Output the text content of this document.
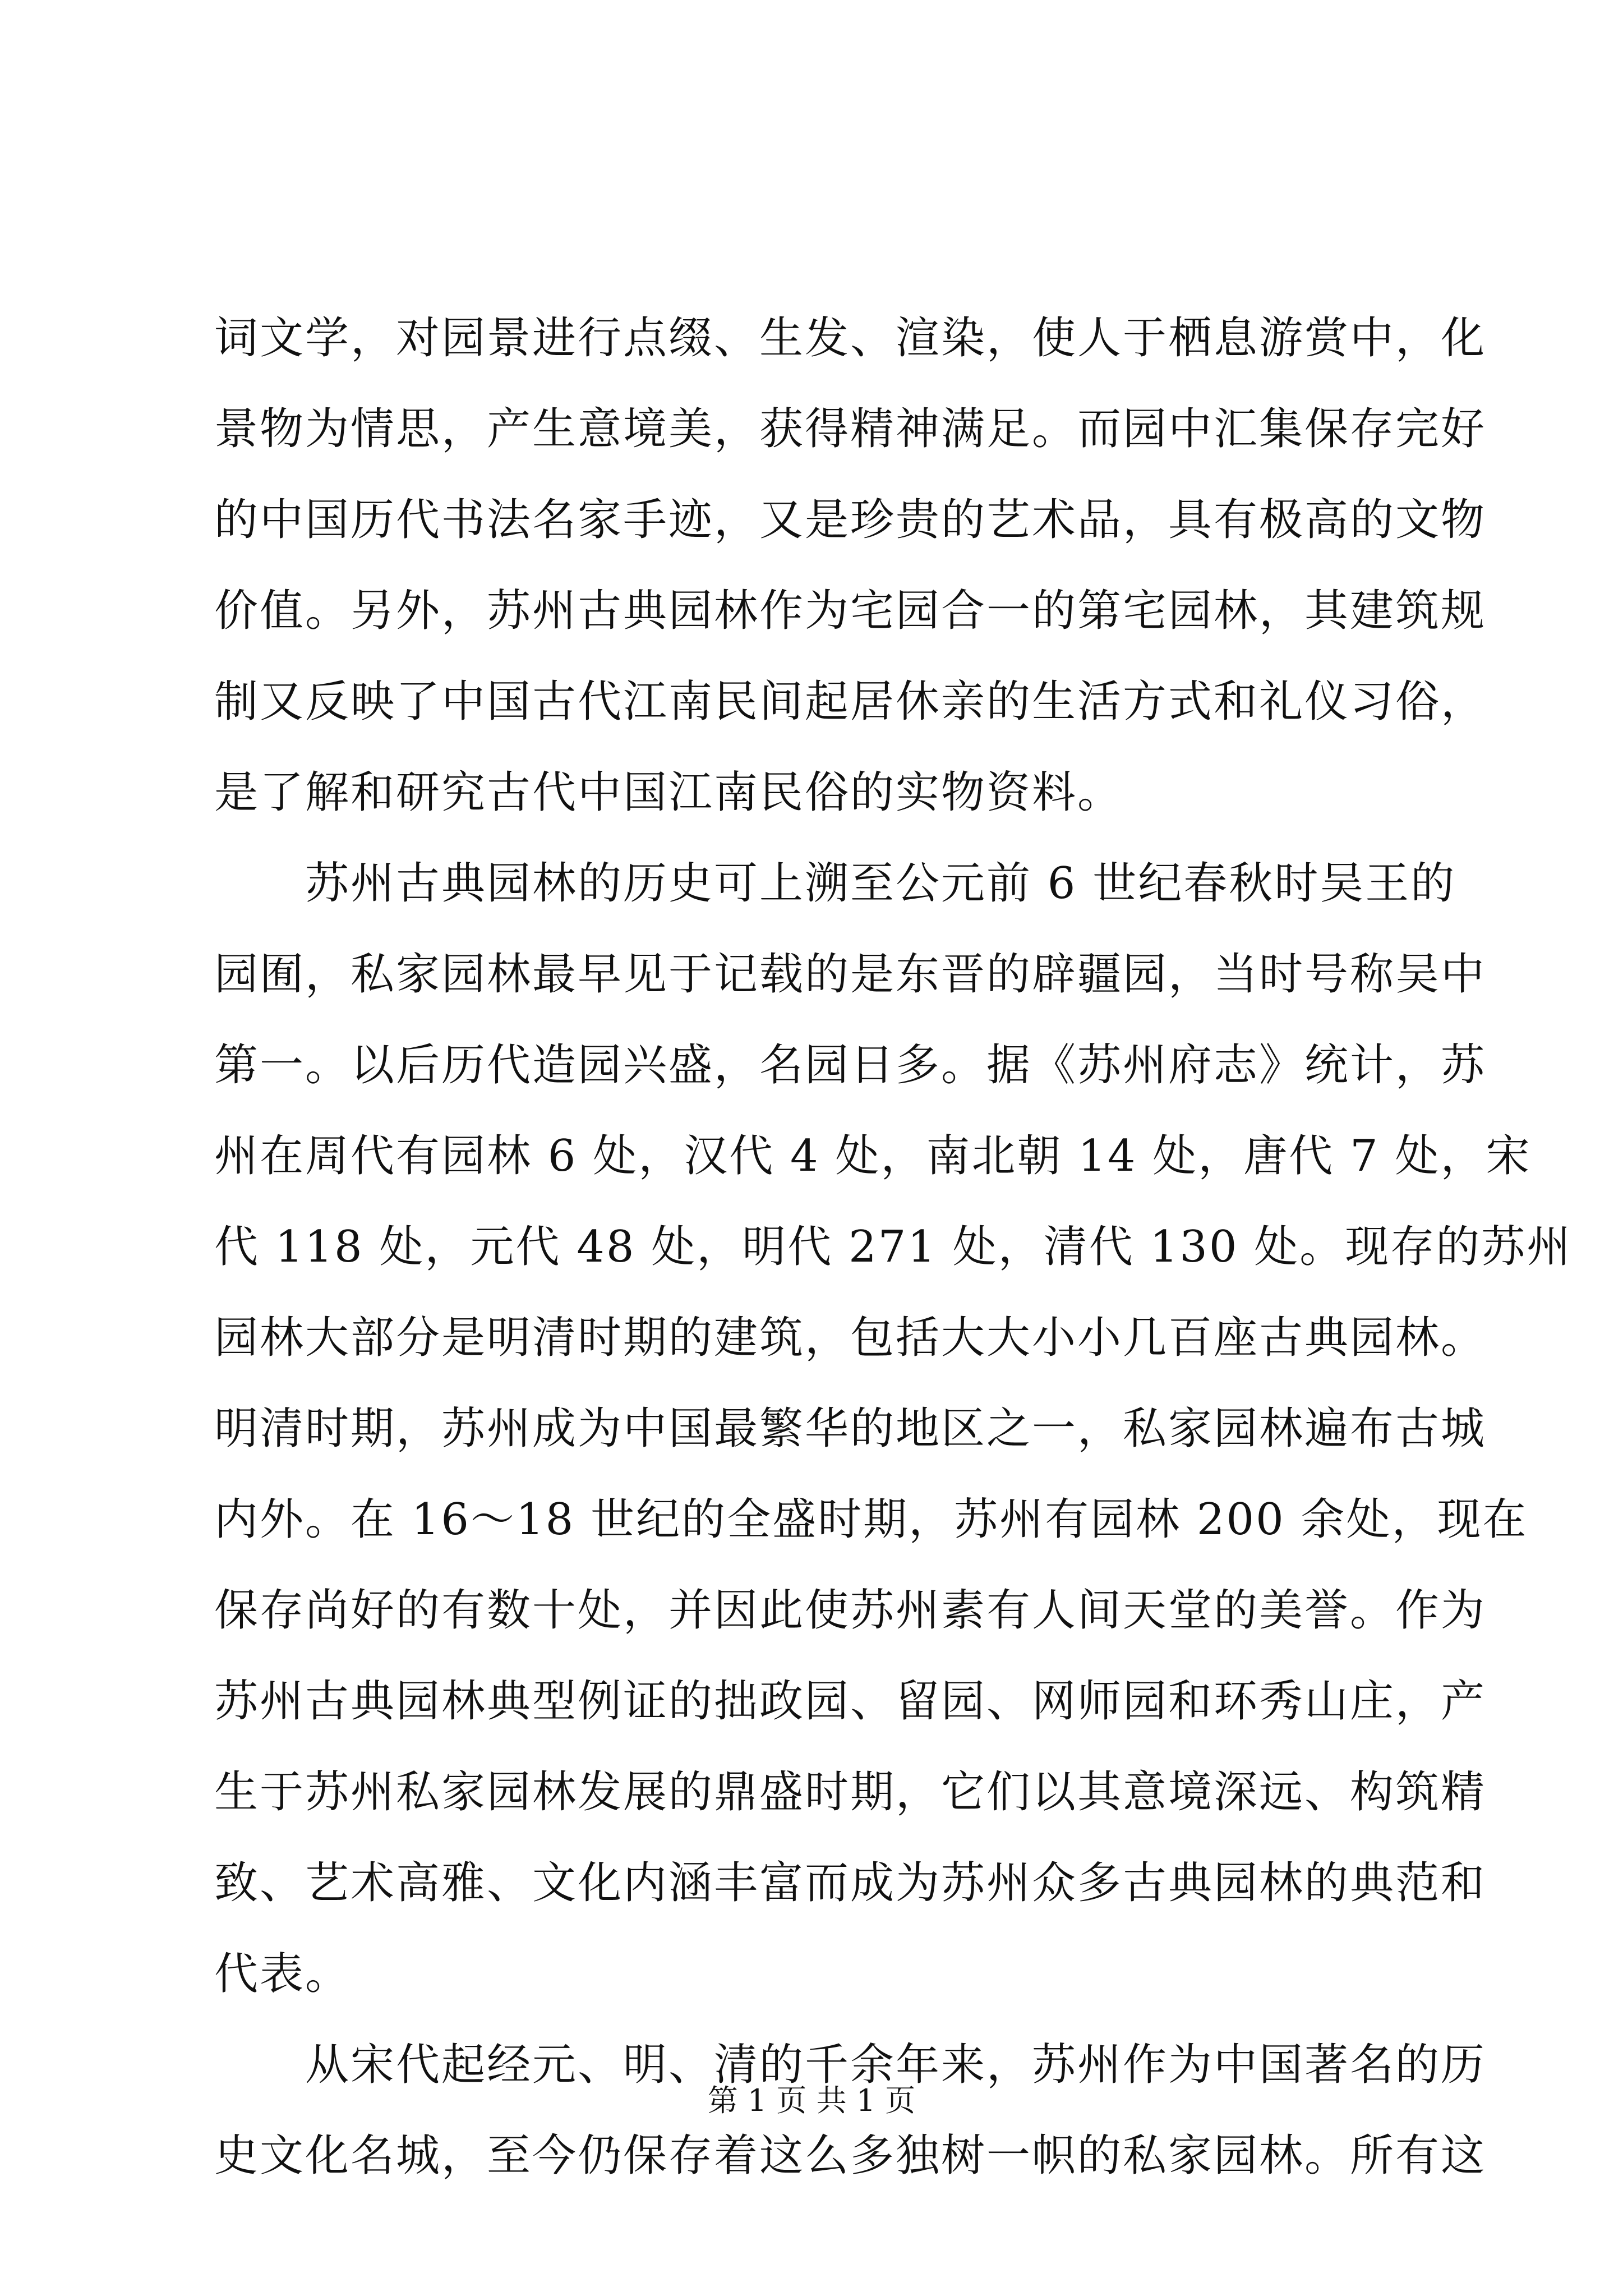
词文学，对园景进行点缀、生发、渲染，使人于栖息游赏中，化
景物为情思，产生意境美，获得精神满足。而园中汇集保存完好
的中国历代书法名家手迹，又是珍贵的艺术品，具有极高的文物
价值。另外，苏州古典园林作为宅园合一的第宅园林，其建筑规
制又反映了中国古代江南民间起居休亲的生活方式和礼仪习俗，
是了解和研究古代中国江南民俗的实物资料。
苏州古典园林的历史可上溯至公元前 6 世纪春秋时吴王的
园囿，私家园林最早见于记载的是东晋的辟疆园，当时号称吴中
第一。以后历代造园兴盛，名园日多。据《苏州府志》统计，苏
州在周代有园林 6 处，汉代 4 处，南北朝 14 处，唐代 7 处，宋
代 118 处，元代 48 处，明代 271 处，清代 130 处。现存的苏州
园林大部分是明清时期的建筑，包括大大小小几百座古典园林。
明清时期，苏州成为中国最繁华的地区之一，私家园林遍布古城
内外。在 16～18 世纪的全盛时期，苏州有园林 200 余处，现在
保存尚好的有数十处，并因此使苏州素有人间天堂的美誉。作为
苏州古典园林典型例证的拙政园、留园、网师园和环秀山庄，产
生于苏州私家园林发展的鼎盛时期，它们以其意境深远、构筑精
致、艺术高雅、文化内涵丰富而成为苏州众多古典园林的典范和
代表。
从宋代起经元、明、清的千余年来，苏州作为中国著名的历
史文化名城，至今仍保存着这么多独树一帜的私家园林。所有这
第 1 页 共 1 页
